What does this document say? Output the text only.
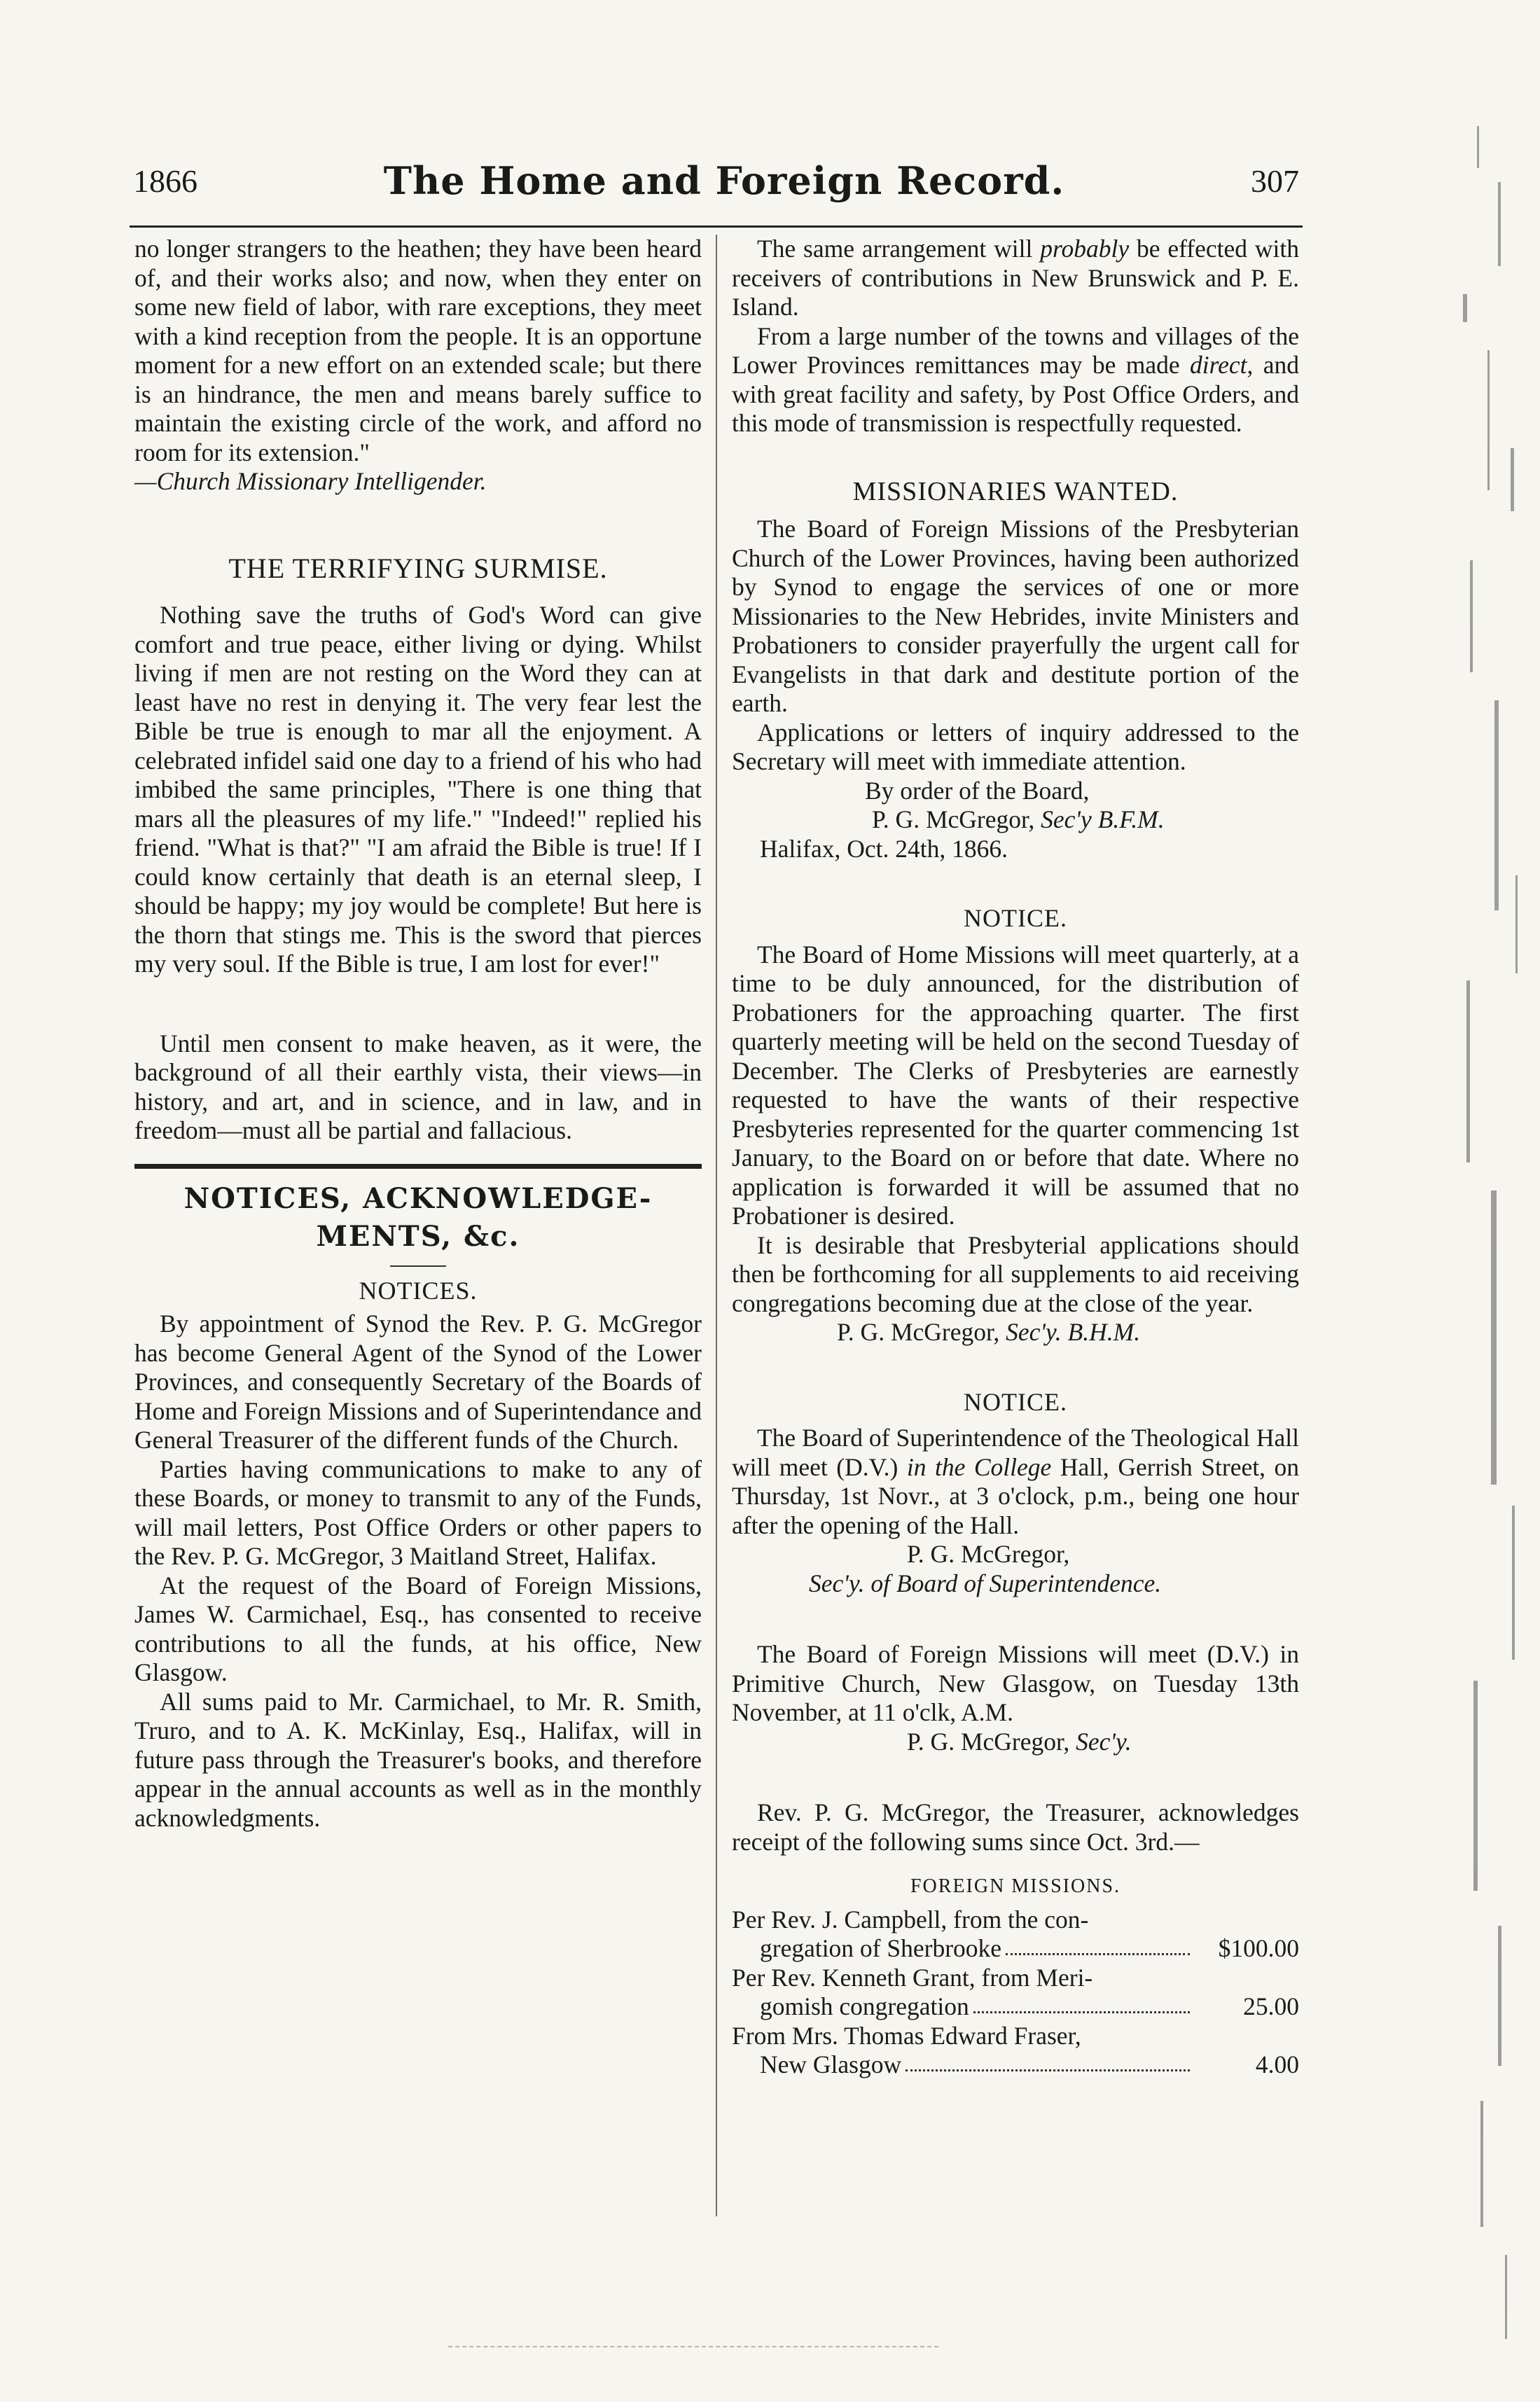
1866	The Home and Foreign Record.	307

no longer strangers to the heathen; they have been heard of, and their works also; and now, when they enter on some new field of labor, with rare exceptions, they meet with a kind reception from the people. It is an opportune moment for a new effort on an extended scale; but there is an hindrance, the men and means barely suffice to maintain the existing circle of the work, and afford no room for its extension."

—Church Missionary Intelligender.

THE TERRIFYING SURMISE.

Nothing save the truths of God's Word can give comfort and true peace, either living or dying. Whilst living if men are not resting on the Word they can at least have no rest in denying it. The very fear lest the Bible be true is enough to mar all the enjoyment. A celebrated infidel said one day to a friend of his who had imbibed the same principles, "There is one thing that mars all the pleasures of my life." "Indeed!" replied his friend. "What is that?" "I am afraid the Bible is true! If I could know certainly that death is an eternal sleep, I should be happy; my joy would be complete! But here is the thorn that stings me. This is the sword that pierces my very soul. If the Bible is true, I am lost for ever!"

Until men consent to make heaven, as it were, the background of all their earthly vista, their views—in history, and art, and in science, and in law, and in freedom—must all be partial and fallacious.

NOTICES, ACKNOWLEDGE-MENTS, &c.
NOTICES.

By appointment of Synod the Rev. P. G. McGregor has become General Agent of the Synod of the Lower Provinces, and consequently Secretary of the Boards of Home and Foreign Missions and of Superintendance and General Treasurer of the different funds of the Church.

Parties having communications to make to any of these Boards, or money to transmit to any of the Funds, will mail letters, Post Office Orders or other papers to the Rev. P. G. McGregor, 3 Maitland Street, Halifax.

At the request of the Board of Foreign Missions, James W. Carmichael, Esq., has consented to receive contributions to all the funds, at his office, New Glasgow.

All sums paid to Mr. Carmichael, to Mr. R. Smith, Truro, and to A. K. McKinlay, Esq., Halifax, will in future pass through the Treasurer's books, and therefore appear in the annual accounts as well as in the monthly acknowledgments.

The same arrangement will probably be effected with receivers of contributions in New Brunswick and P. E. Island.

From a large number of the towns and villages of the Lower Provinces remittances may be made direct, and with great facility and safety, by Post Office Orders, and this mode of transmission is respectfully requested.

MISSIONARIES WANTED.

The Board of Foreign Missions of the Presbyterian Church of the Lower Provinces, having been authorized by Synod to engage the services of one or more Missionaries to the New Hebrides, invite Ministers and Probationers to consider prayerfully the urgent call for Evangelists in that dark and destitute portion of the earth.

Applications or letters of inquiry addressed to the Secretary will meet with immediate attention.

By order of the Board,

P. G. McGregor, Sec'y B.F.M.

Halifax, Oct. 24th, 1866.

NOTICE.

The Board of Home Missions will meet quarterly, at a time to be duly announced, for the distribution of Probationers for the approaching quarter. The first quarterly meeting will be held on the second Tuesday of December. The Clerks of Presbyteries are earnestly requested to have the wants of their respective Presbyteries represented for the quarter commencing 1st January, to the Board on or before that date. Where no application is forwarded it will be assumed that no Probationer is desired.

It is desirable that Presbyterial applications should then be forthcoming for all supplements to aid receiving congregations becoming due at the close of the year.

P. G. McGregor, Sec'y. B.H.M.

NOTICE.

The Board of Superintendence of the Theological Hall will meet (D.V.) in the College Hall, Gerrish Street, on Thursday, 1st Novr., at 3 o'clock, p.m., being one hour after the opening of the Hall.

P. G. McGregor,

Sec'y. of Board of Superintendence.

The Board of Foreign Missions will meet (D.V.) in Primitive Church, New Glasgow, on Tuesday 13th November, at 11 o'clk, A.M.

P. G. McGregor, Sec'y.

Rev. P. G. McGregor, the Treasurer, acknowledges receipt of the following sums since Oct. 3rd.—

FOREIGN MISSIONS.

Per Rev. J. Campbell, from the con-

gregation of Sherbrooke	$100.00

Per Rev. Kenneth Grant, from Meri-

gomish congregation	25.00

From Mrs. Thomas Edward Fraser,

New Glasgow	4.00
